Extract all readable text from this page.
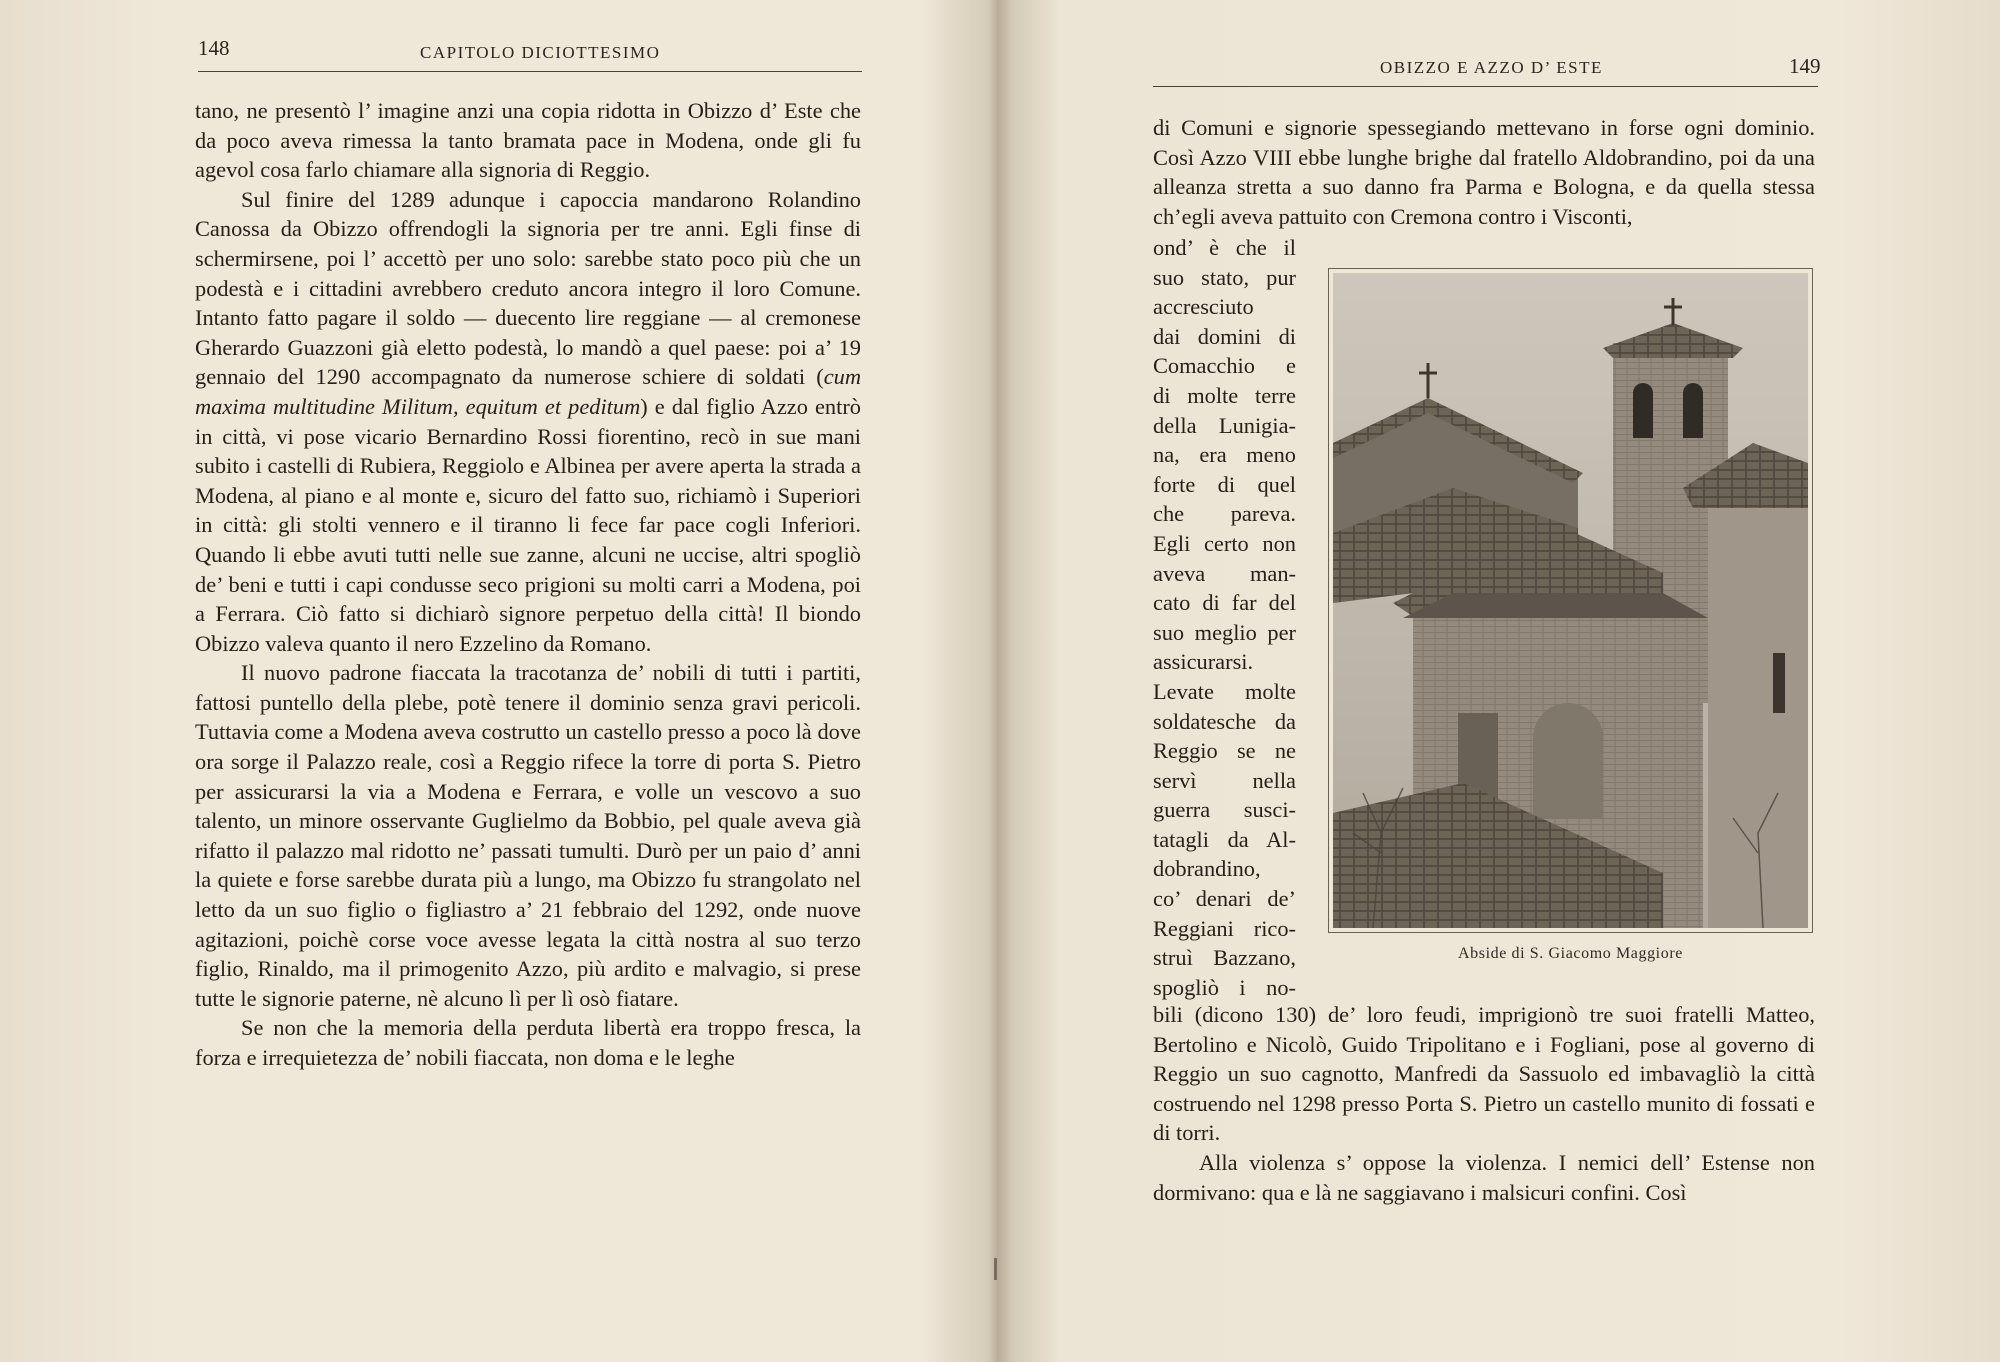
148	CAPITOLO DICIOTTESIMO

tano, ne presentò l’ imagine anzi una copia ridotta in Obizzo d’ Este che da poco aveva rimessa la tanto bramata pace in Modena, onde gli fu agevol cosa farlo chiamare alla signoria di Reggio.

Sul finire del 1289 adunque i capoccia mandarono Rolandino Canossa da Obizzo offrendogli la signoria per tre anni. Egli finse di schermirsene, poi l’ accettò per uno solo: sarebbe stato poco più che un podestà e i cittadini avrebbero creduto ancora integro il loro Comune. Intanto fatto pagare il soldo — duecento lire reggiane — al cremonese Gherardo Guazzoni già eletto podestà, lo mandò a quel paese: poi a’ 19 gennaio del 1290 accompagnato da numerose schiere di soldati (cum maxima multitudine Militum, equitum et peditum) e dal figlio Azzo entrò in città, vi pose vicario Bernardino Rossi fiorentino, recò in sue mani subito i castelli di Rubiera, Reggiolo e Albinea per avere aperta la strada a Modena, al piano e al monte e, sicuro del fatto suo, richiamò i Superiori in città: gli stolti vennero e il tiranno li fece far pace cogli Inferiori. Quando li ebbe avuti tutti nelle sue zanne, alcuni ne uccise, altri spogliò de’ beni e tutti i capi condusse seco prigioni su molti carri a Modena, poi a Ferrara. Ciò fatto si dichiarò signore perpetuo della città! Il biondo Obizzo valeva quanto il nero Ezzelino da Romano.

Il nuovo padrone fiaccata la tracotanza de’ nobili di tutti i partiti, fattosi puntello della plebe, potè tenere il dominio senza gravi pericoli. Tuttavia come a Modena aveva costrutto un castello presso a poco là dove ora sorge il Palazzo reale, così a Reggio rifece la torre di porta S. Pietro per assicurarsi la via a Modena e Ferrara, e volle un vescovo a suo talento, un minore osservante Guglielmo da Bobbio, pel quale aveva già rifatto il palazzo mal ridotto ne’ passati tumulti. Durò per un paio d’ anni la quiete e forse sarebbe durata più a lungo, ma Obizzo fu strangolato nel letto da un suo figlio o figliastro a’ 21 febbraio del 1292, onde nuove agitazioni, poichè corse voce avesse legata la città nostra al suo terzo figlio, Rinaldo, ma il primogenito Azzo, più ardito e malvagio, si prese tutte le signorie paterne, nè alcuno lì per lì osò fiatare.

Se non che la memoria della perduta libertà era troppo fresca, la forza e irrequietezza de’ nobili fiaccata, non doma e le leghe

OBIZZO E AZZO D’ ESTE	149
di Comuni e signorie spessegiando mettevano in forse ogni dominio. Così Azzo VIII ebbe lunghe brighe dal fratello Aldobrandino, poi da una alleanza stretta a suo danno fra Parma e Bologna, e da quella stessa ch’egli aveva pattuito con Cremona contro i Visconti,
ond’ è che il
suo stato, pur
accresciuto
dai domini di
Comacchio e
di molte terre
della Lunigia-
na, era meno
forte di quel
che pareva.
Egli certo non
aveva man-
cato di far del
suo meglio per
assicurarsi.
Levate molte
soldatesche da
Reggio se ne
servì nella
guerra susci-
tatagli da Al-
dobrandino,
co’ denari de’
Reggiani rico-
struì Bazzano,
spogliò i no-
Abside di S. Giacomo Maggiore

bili (dicono 130) de’ loro feudi, imprigionò tre suoi fratelli Matteo, Bertolino e Nicolò, Guido Tripolitano e i Fogliani, pose al governo di Reggio un suo cagnotto, Manfredi da Sassuolo ed imbavagliò la città costruendo nel 1298 presso Porta S. Pietro un castello munito di fossati e di torri.

Alla violenza s’ oppose la violenza. I nemici dell’ Estense non dormivano: qua e là ne saggiavano i malsicuri confini. Così
